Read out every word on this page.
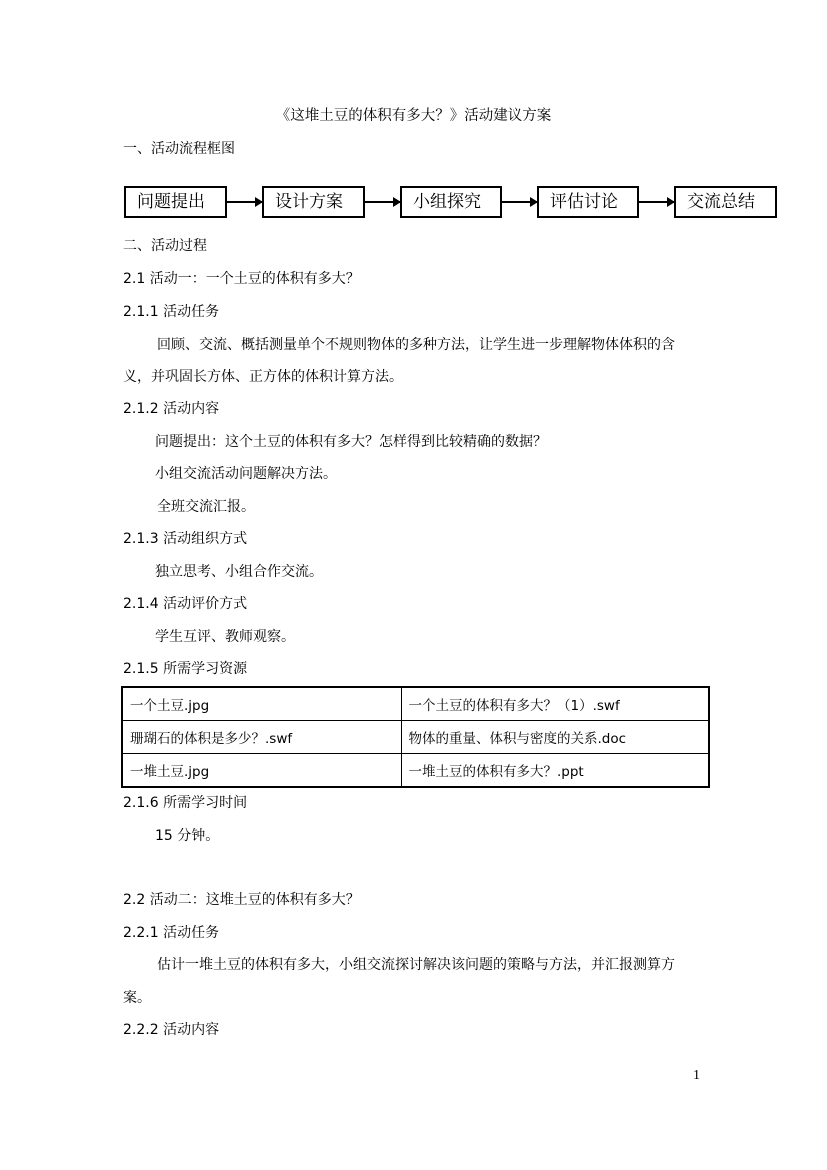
《这堆土豆的体积有多大？》活动建议方案
一、活动流程框图
问题提出	设计方案	小组探究	评估讨论	交流总结
二、活动过程
2.1 活动一：一个土豆的体积有多大？
2.1.1 活动任务
回顾、交流、概括测量单个不规则物体的多种方法，让学生进一步理解物体体积的含
义，并巩固长方体、正方体的体积计算方法。
2.1.2 活动内容
问题提出：这个土豆的体积有多大？怎样得到比较精确的数据？
小组交流活动问题解决方法。
全班交流汇报。
2.1.3 活动组织方式
独立思考、小组合作交流。
2.1.4 活动评价方式
学生互评、教师观察。
2.1.5 所需学习资源
一个土豆.jpg	一个土豆的体积有多大？（1）.swf
珊瑚石的体积是多少？.swf	物体的重量、体积与密度的关系.doc
一堆土豆.jpg	一堆土豆的体积有多大？.ppt
2.1.6 所需学习时间
15 分钟。
2.2 活动二：这堆土豆的体积有多大？
2.2.1 活动任务
估计一堆土豆的体积有多大，小组交流探讨解决该问题的策略与方法，并汇报测算方
案。
2.2.2 活动内容
1
